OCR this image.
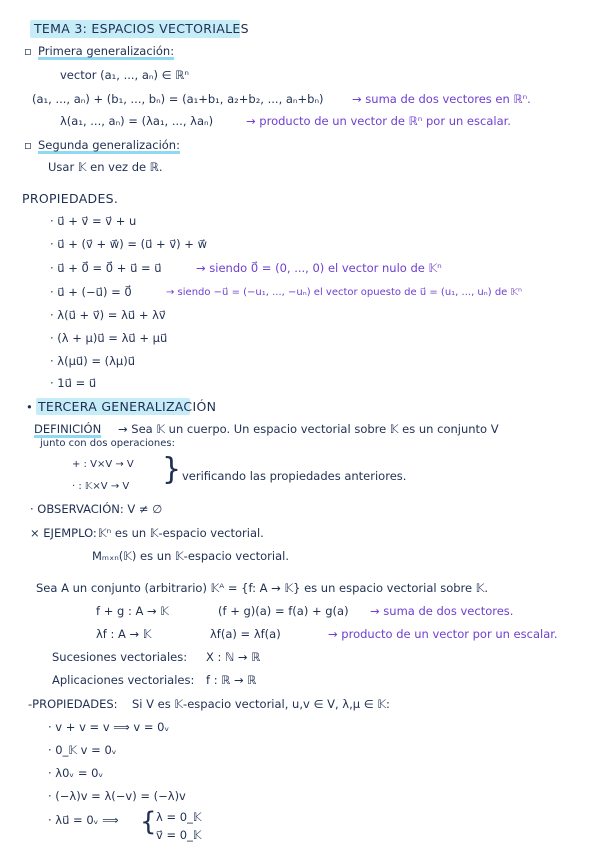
TEMA 3: ESPACIOS VECTORIALES
▫ Primera generalización:
vector (a₁, ..., aₙ) ∈ ℝⁿ
(a₁, ..., aₙ) + (b₁, ..., bₙ) = (a₁+b₁, a₂+b₂, ..., aₙ+bₙ) → suma de dos vectores en ℝⁿ.
λ(a₁, ..., aₙ) = (λa₁, ..., λaₙ)	→ producto de un vector de ℝⁿ por un escalar.
▫ Segunda generalización:
Usar 𝕂 en vez de ℝ.
PROPIEDADES.
· u⃗ + v⃗ = v⃗ + u
· u⃗ + (v⃗ + w⃗) = (u⃗ + v⃗) + w⃗
· u⃗ + 0⃗ = 0⃗ + u⃗ = u⃗	→ siendo 0⃗ = (0, ..., 0) el vector nulo de 𝕂ⁿ
· u⃗ + (−u⃗) = 0⃗	→ siendo −u⃗ = (−u₁, ..., −uₙ) el vector opuesto de u⃗ = (u₁, ..., uₙ) de 𝕂ⁿ
· λ(u⃗ + v⃗) = λu⃗ + λv⃗
· (λ + μ)u⃗ = λu⃗ + μu⃗
· λ(μu⃗) = (λμ)u⃗
· 1u⃗ = u⃗
• TERCERA GENERALIZACIÓN
DEFINICIÓN → Sea 𝕂 un cuerpo. Un espacio vectorial sobre 𝕂 es un conjunto V
junto con dos operaciones:
+ : V×V → V
· : 𝕂×V → V } verificando las propiedades anteriores.
· OBSERVACIÓN: V ≠ ∅
× EJEMPLO: 𝕂ⁿ es un 𝕂-espacio vectorial.
Mₘₓₙ(𝕂) es un 𝕂-espacio vectorial.
Sea A un conjunto (arbitrario) 𝕂ᴬ = {f: A → 𝕂} es un espacio vectorial sobre 𝕂.
f + g : A → 𝕂	(f + g)(a) = f(a) + g(a) → suma de dos vectores.
λf : A → 𝕂	λf(a) = λf(a)	→ producto de un vector por un escalar.
Sucesiones vectoriales: X : ℕ → ℝ
Aplicaciones vectoriales: f : ℝ → ℝ
-PROPIEDADES: Si V es 𝕂-espacio vectorial, u,v ∈ V, λ,μ ∈ 𝕂:
· v + v = v ⟹ v = 0ᵥ
· 0_𝕂 v = 0ᵥ
· λ0ᵥ = 0ᵥ
· (−λ)v = λ(−v) = (−λ)v
· λu⃗ = 0ᵥ ⟹ { λ = 0_𝕂
v⃗ = 0_𝕂
